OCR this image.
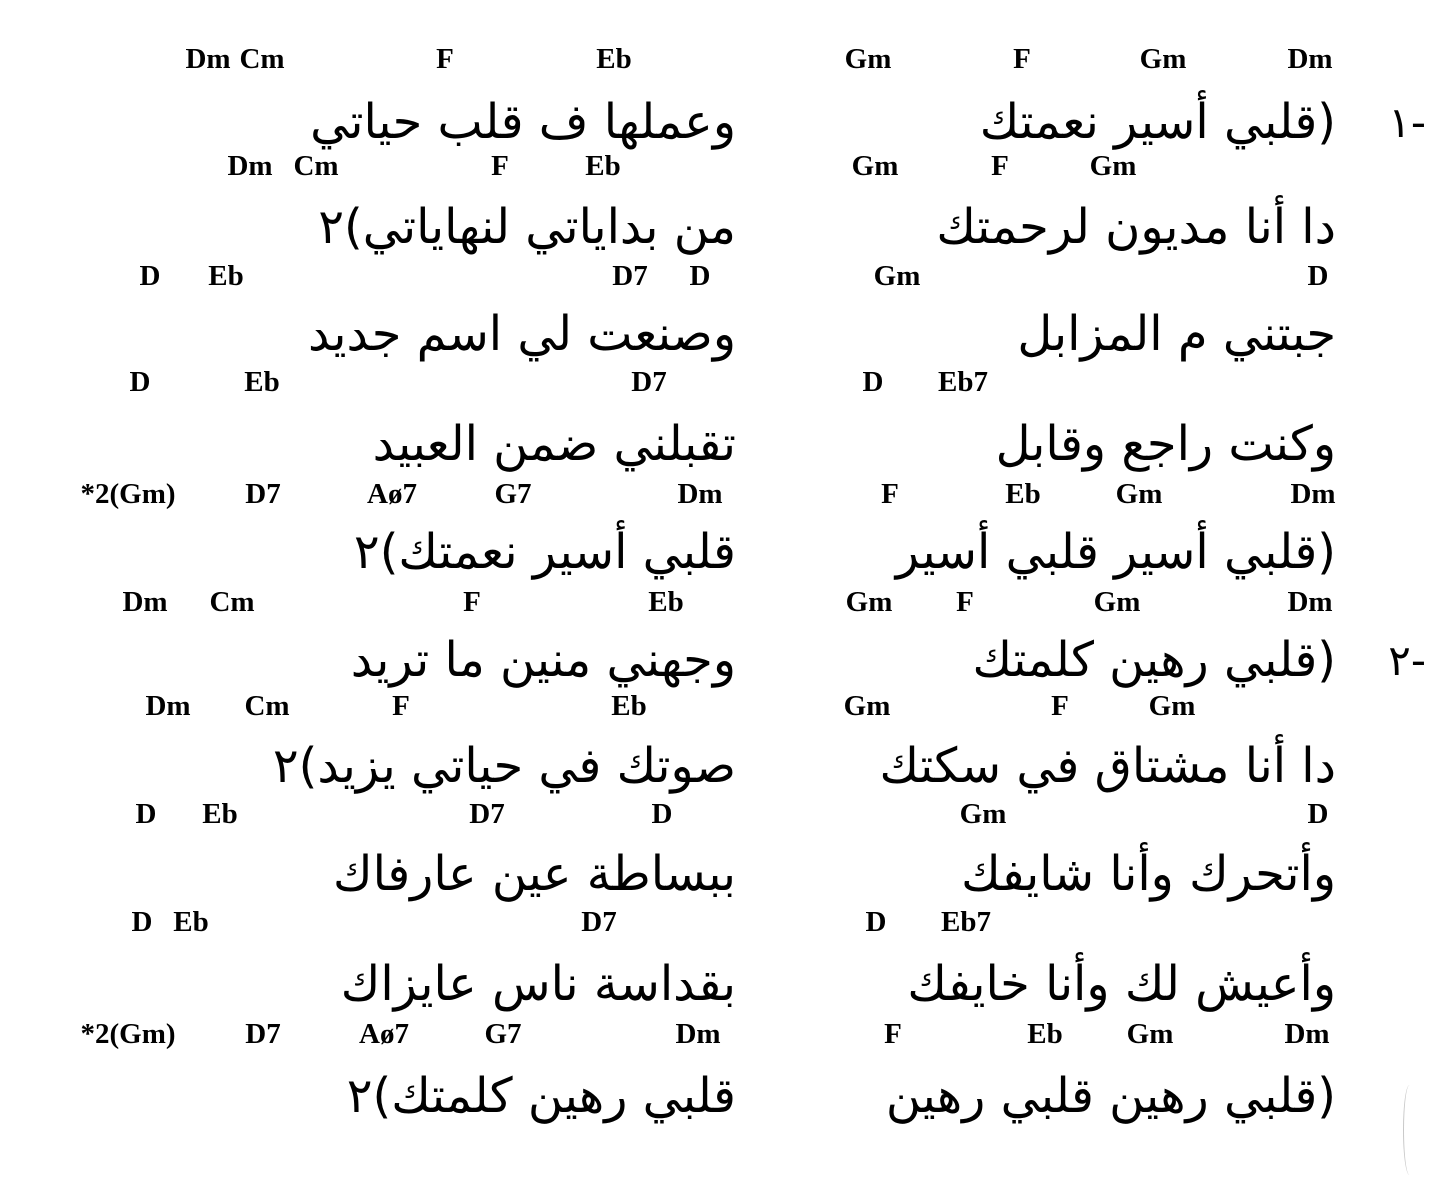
Dm Cm	F	Eb
وعملها ف قلب حياتي
Gm	F	Gm	Dm
(قلبي أسير نعمتك ١-
Dm Cm	F	Eb
من بداياتي لنهاياتي)٢
Gm	F	Gm
دا أنا مديون لرحمتك
D Eb	D7 D
وصنعت لي اسم جديد
Gm	D
جبتني م المزابل
D	Eb	D7
تقبلني ضمن العبيد
D Eb7
وكنت راجع وقابل
*2(Gm) D7	Aø7	G7	Dm
قلبي أسير نعمتك)٢
F	Eb	Gm	Dm
(قلبي أسير قلبي أسير
Dm Cm	F	Eb
وجهني منين ما تريد
Gm F	Gm	Dm
(قلبي رهين كلمتك ٢-
Dm Cm	F	Eb
صوتك في حياتي يزيد)٢
Gm	F	Gm
دا أنا مشتاق في سكتك
D Eb	D7	D
ببساطة عين عارفاك
Gm	D
وأتحرك وأنا شايفك
D Eb	D7
بقداسة ناس عايزاك
D Eb7
وأعيش لك وأنا خايفك
*2(Gm) D7	Aø7	G7	Dm
قلبي رهين كلمتك)٢
F	Eb Gm	Dm
(قلبي رهين قلبي رهين
